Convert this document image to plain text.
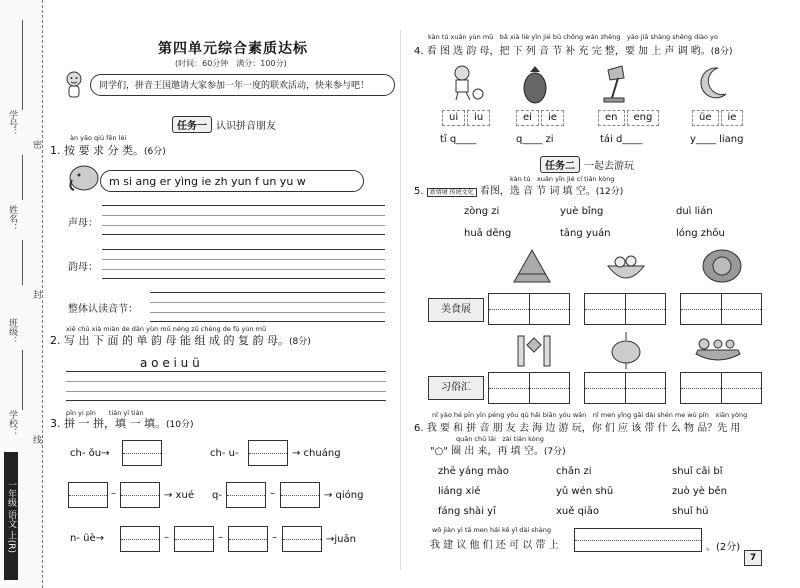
学号：
密
姓名：
封
班级：
学校：
线
一年级 语文 上(R)
第四单元综合素质达标
(时间：60分钟　满分：100分)
同学们，拼音王国邀请大家参加一年一度的联欢活动，快来参与吧！
任务一 认识拼音朋友
àn yāo qiú fēn lèi
1. 按 要 求 分 类。(6分)
m si ang er yìng ie zh yun f un yu w
声母：
韵母：
整体认读音节：
xiě chū xià miàn de dān yùn mǔ néng zǔ chéng de fù yùn mǔ
2. 写 出 下 面 的 单 韵 母 能 组 成 的 复 韵 母。(8分)
a o e i u ü
pīn yi pīn　　tián yi tián
3. 拼 一 拼，填 一 填。(10分)
ch- ǒu→	ch- u-	→ chuáng
–	→ xué q-	–	→ qióng
n- üè→	–	–	–	→juān
kàn tú xuǎn yùn mǔ　bǎ xià liè yīn jié bǔ chōng wán zhěng　yào jiā shàng shēng diào yo
4. 看 图 选 韵 母，把 下 列 音 节 补 充 完 整，要 加 上 声 调 哟。(8分)
ui	iu	ei	ie	en	eng	üe	ie
tī q____	q____ zi	tái d____	y____ liang
任务二 一起去游玩
kàn tú　xuǎn yīn jié cí tián kòng
5. 新情境 传统文化 看图，选 音 节 词 填 空。(12分)
zòng zi	yuè bǐng	duì lián
huā dēng	tāng yuán	lóng zhōu
美食展
习俗汇
nǐ yào hé pīn yīn péng yǒu qù hǎi biān yóu wán　nǐ men yīng gāi dài shén me wù pǐn　xiān yòng
6. 我 要 和 拼 音 朋 友 去 海 边 游 玩，你 们 应 该 带 什 么 物 品？先 用
quān chū lái　zài tián kòng
"○" 圈 出 来，再 填 空。(7分)
zhē yáng mào	chǎn zi	shuǐ cǎi bǐ
liáng xié	yǔ wén shū	zuò yè běn
fáng shài yī	xuě qiāo	shuǐ hú
wǒ jiàn yì tā men hái kě yǐ dài shàng
我 建 议 他 们 还 可 以 带 上	。(2分)
7
